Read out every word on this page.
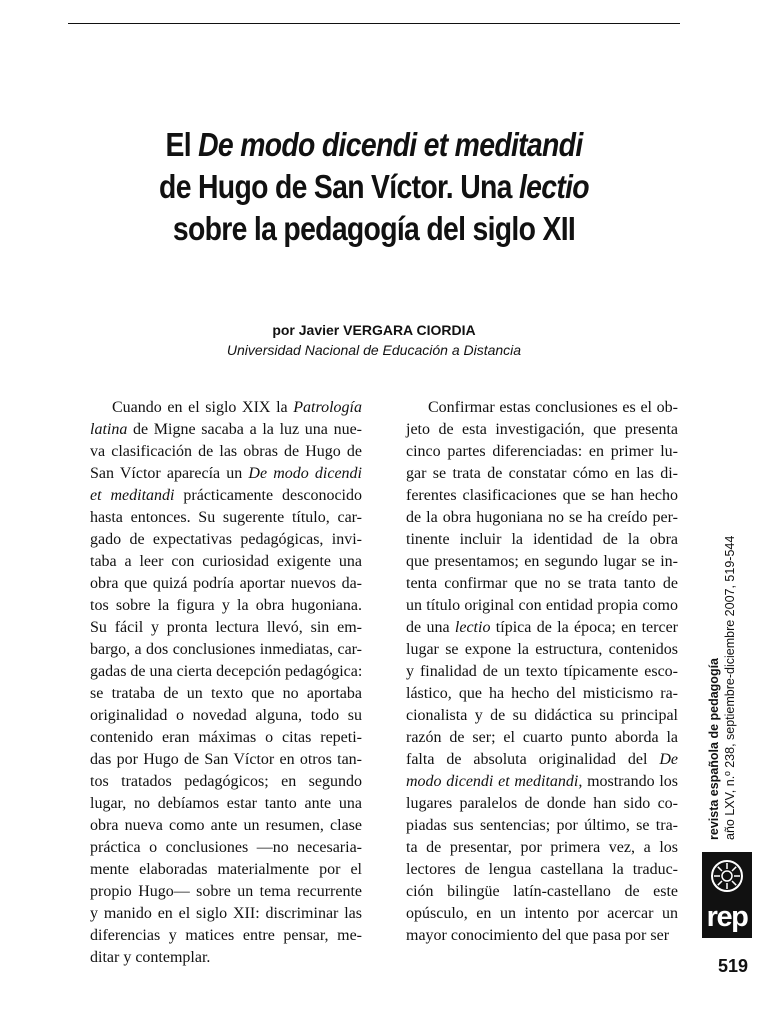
El De modo dicendi et meditandi
de Hugo de San Víctor. Una lectio
sobre la pedagogía del siglo XII
por Javier VERGARA CIORDIA
Universidad Nacional de Educación a Distancia

Cuando en el siglo XIX la Patrología
latina de Migne sacaba a la luz una nue-
va clasificación de las obras de Hugo de
San Víctor aparecía un De modo dicendi
et meditandi prácticamente desconocido
hasta entonces. Su sugerente título, car-
gado de expectativas pedagógicas, invi-
taba a leer con curiosidad exigente una
obra que quizá podría aportar nuevos da-
tos sobre la figura y la obra hugoniana.
Su fácil y pronta lectura llevó, sin em-
bargo, a dos conclusiones inmediatas, car-
gadas de una cierta decepción pedagógica:
se trataba de un texto que no aportaba
originalidad o novedad alguna, todo su
contenido eran máximas o citas repeti-
das por Hugo de San Víctor en otros tan-
tos tratados pedagógicos; en segundo
lugar, no debíamos estar tanto ante una
obra nueva como ante un resumen, clase
práctica o conclusiones —no necesaria-
mente elaboradas materialmente por el
propio Hugo— sobre un tema recurrente
y manido en el siglo XII: discriminar las
diferencias y matices entre pensar, me-
ditar y contemplar.

Confirmar estas conclusiones es el ob-
jeto de esta investigación, que presenta
cinco partes diferenciadas: en primer lu-
gar se trata de constatar cómo en las di-
ferentes clasificaciones que se han hecho
de la obra hugoniana no se ha creído per-
tinente incluir la identidad de la obra
que presentamos; en segundo lugar se in-
tenta confirmar que no se trata tanto de
un título original con entidad propia como
de una lectio típica de la época; en tercer
lugar se expone la estructura, contenidos
y finalidad de un texto típicamente esco-
lástico, que ha hecho del misticismo ra-
cionalista y de su didáctica su principal
razón de ser; el cuarto punto aborda la
falta de absoluta originalidad del De
modo dicendi et meditandi, mostrando los
lugares paralelos de donde han sido co-
piadas sus sentencias; por último, se tra-
ta de presentar, por primera vez, a los
lectores de lengua castellana la traduc-
ción bilingüe latín-castellano de este
opúsculo, en un intento por acercar un
mayor conocimiento del que pasa por ser

revista española de pedagogía año LXV, n.º 238, septiembre-diciembre 2007, 519-544
rep
519
